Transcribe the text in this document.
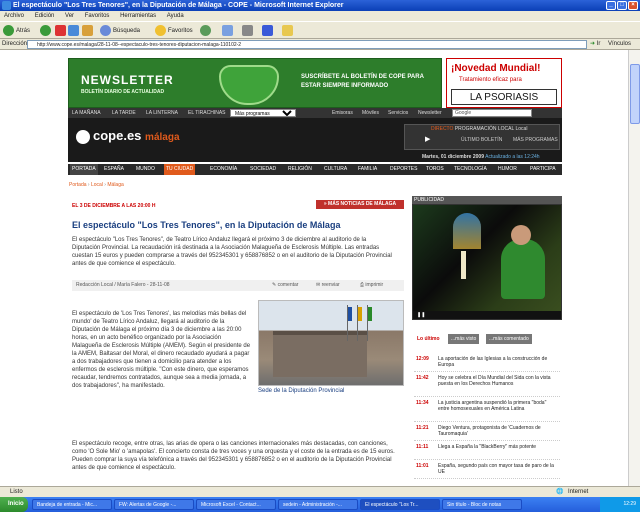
El espectáculo "Los Tres Tenores", en la Diputación de Málaga - COPE - Microsoft Internet Explorer	_	□	×
Archivo Edición Ver Favoritos Herramientas Ayuda
Atrás	Búsqueda	Favoritos
Dirección	http://www.cope.es/malaga/28-11-08--espectaculo-tres-tenores-diputacion-malaga-110102-2	➜ Ir Vínculos
NEWSLETTER
BOLETÍN DIARIO DE ACTUALIDAD
SUSCRÍBETE AL BOLETÍN DE COPE PARA ESTAR SIEMPRE INFORMADO
¡Novedad Mundial!
Tratamiento eficaz para
LA PSORIASIS
LA MAÑANA LA TARDE LA LINTERNA EL TIRACHINAS
Más programas	Emisoras Móviles Servicios Newsletter	Google
cope.es málaga
DIRECTO PROGRAMACIÓN LOCAL Local
▶	ÚLTIMO BOLETÍN MÁS PROGRAMAS
Martes, 01 diciembre 2009 Actualizado a las 12:24h
PORTADA	ESPAÑA	MUNDO	TU CIUDAD	ECONOMÍA	SOCIEDAD	RELIGIÓN	CULTURA	FAMILIA	DEPORTES	TOROS	TECNOLOGÍA	HUMOR	PARTICIPA
Portada › Local › Málaga
EL 3 DE DICIEMBRE A LAS 20:00 H	» MÁS NOTICIAS DE MÁLAGA
El espectáculo "Los Tres Tenores", en la Diputación de Málaga
El espectáculo "Los Tres Tenores", de Teatro Lírico Andaluz llegará el próximo 3 de diciembre al auditorio de la Diputación Provincial. La recaudación irá destinada a la Asociación Malagueña de Esclerosis Múltiple. Las entradas cuestan 15 euros y pueden comprarse a través del 952345301 y 658876852 o en el auditorio de la Diputación Provincial antes de que comience el espectáculo.
Redacción Local / María Falero - 28-11-08	✎ comentar	✉ reenviar	⎙ imprimir
El espectáculo de 'Los Tres Tenores', las melodías más bellas del mundo' de Teatro Lírico Andaluz, llegará al auditorio de la Diputación de Málaga el próximo día 3 de diciembre a las 20:00 horas, en un acto benéfico organizado por la Asociación Malagueña de Esclerosis Múltiple (AMEM). Según el presidente de la AMEM, Baltasar del Moral, el dinero recaudado ayudará a pagar a dos trabajadores que tienen a domicilio para atender a los enfermos de esclerosis múltiple. "Con este dinero, que esperamos recaudar, tendremos contratados, aunque sea a media jornada, a dos trabajadores", ha manifestado.
Sede de la Diputación Provincial
El espectáculo recoge, entre otras, las arias de opera o las canciones internacionales más destacadas, con canciones, como 'O Sole Mio' o 'amapolas'. El concierto consta de tres voces y una orquesta y el coste de la entrada es de 15 euros. Pueden comprar la suya vía telefónica a través del 952345301 y 658876852 o en el auditorio de la Diputación Provincial antes de que comience el espectáculo.
PUBLICIDAD
❚❚
Lo último	...más visto	...más comentado
12:09 La aportación de las Iglesias a la construcción de Europa
11:42 Hoy se celebra el Día Mundial del Sida con la vista puesta en los Derechos Humanos
11:34 La justicia argentina suspendió la primera "boda" entre homosexuales en América Latina
11:21 Diego Ventura, protagonista de 'Cuadernos de Tauromaquia'
11:11 Llega a España la "BlackBerry" más potente
11:01 España, segundo país con mayor tasa de paro de la UE
Listo	🌐 Internet
Inicio	Bandeja de entrada - Mic...	FW: Alertas de Google -...	Microsoft Excel - Contact...	sedein - Administración -...	El espectáculo "Los Tr...	Sin título - Bloc de notas	12:29
